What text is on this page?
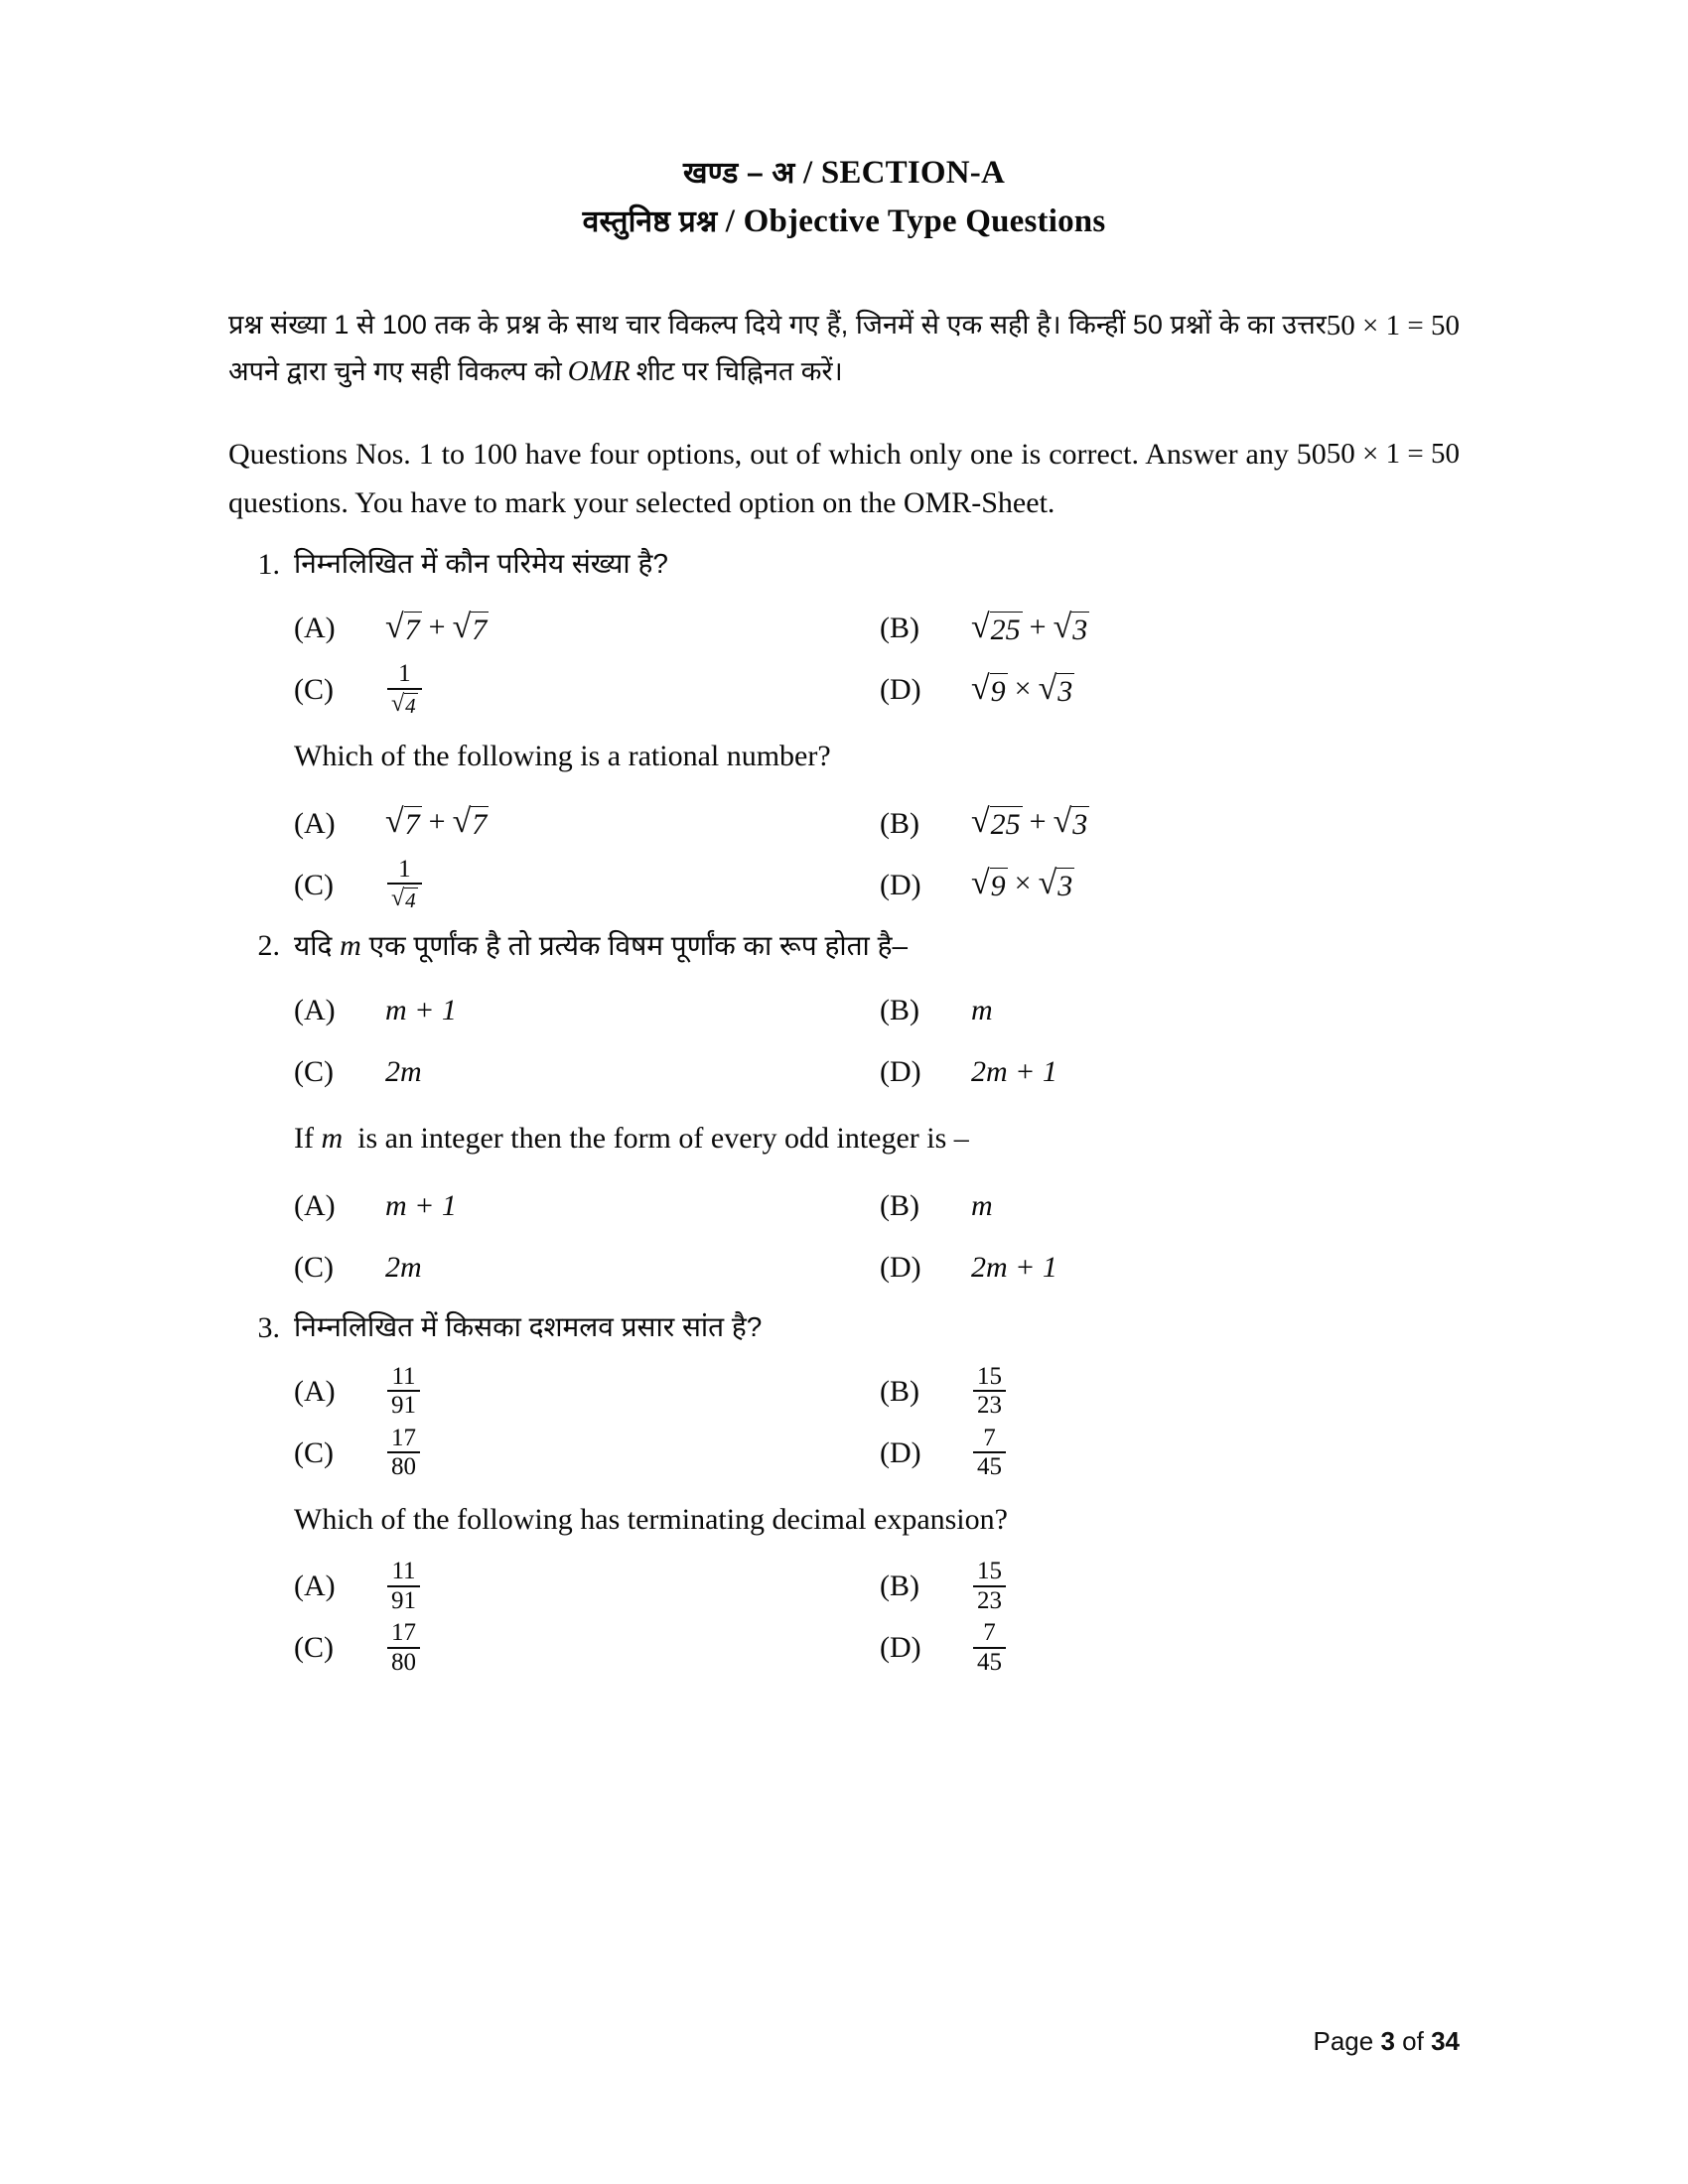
खण्ड – अ / SECTION-A
वस्तुनिष्ठ प्रश्न / Objective Type Questions

50 × 1 = 50
प्रश्न संख्या 1 से 100 तक के प्रश्न के साथ चार विकल्प दिये गए हैं, जिनमें से एक सही है। किन्हीं 50 प्रश्नों के का उत्तर अपने द्वारा चुने गए सही विकल्प को OMR शीट पर चिह्निनत करें।

50 × 1 = 50
Questions Nos. 1 to 100 have four options, out of which only one is correct. Answer any 50 questions. You have to mark your selected option on the OMR-Sheet.

1. निम्नलिखित में कौन परिमेय संख्या है?
(A)	√ 7 + √ 7	(B)	√ 25 + √ 3
(C)	$\frac{1}{√ 4}$	(D)	√ 9 × √ 3
Which of the following is a rational number?
(A)	√ 7 + √ 7	(B)	√ 25 + √ 3
(C)	$\frac{1}{√ 4}$	(D)	√ 9 × √ 3
2. यदि m एक पूर्णांक है तो प्रत्येक विषम पूर्णांक का रूप होता है–
(A)	m + 1	(B)	m
(C)	2m	(D)	2m + 1
If m is an integer then the form of every odd integer is –
(A)	m + 1	(B)	m
(C)	2m	(D)	2m + 1
3. निम्नलिखित में किसका दशमलव प्रसार सांत है?
(A)	$\frac{11}{91}$	(B)	$\frac{15}{23}$
(C)	$\frac{17}{80}$	(D)	$\frac{7}{45}$
Which of the following has terminating decimal expansion?
(A)	$\frac{11}{91}$	(B)	$\frac{15}{23}$
(C)	$\frac{17}{80}$	(D)	$\frac{7}{45}$
Page 3 of 34
